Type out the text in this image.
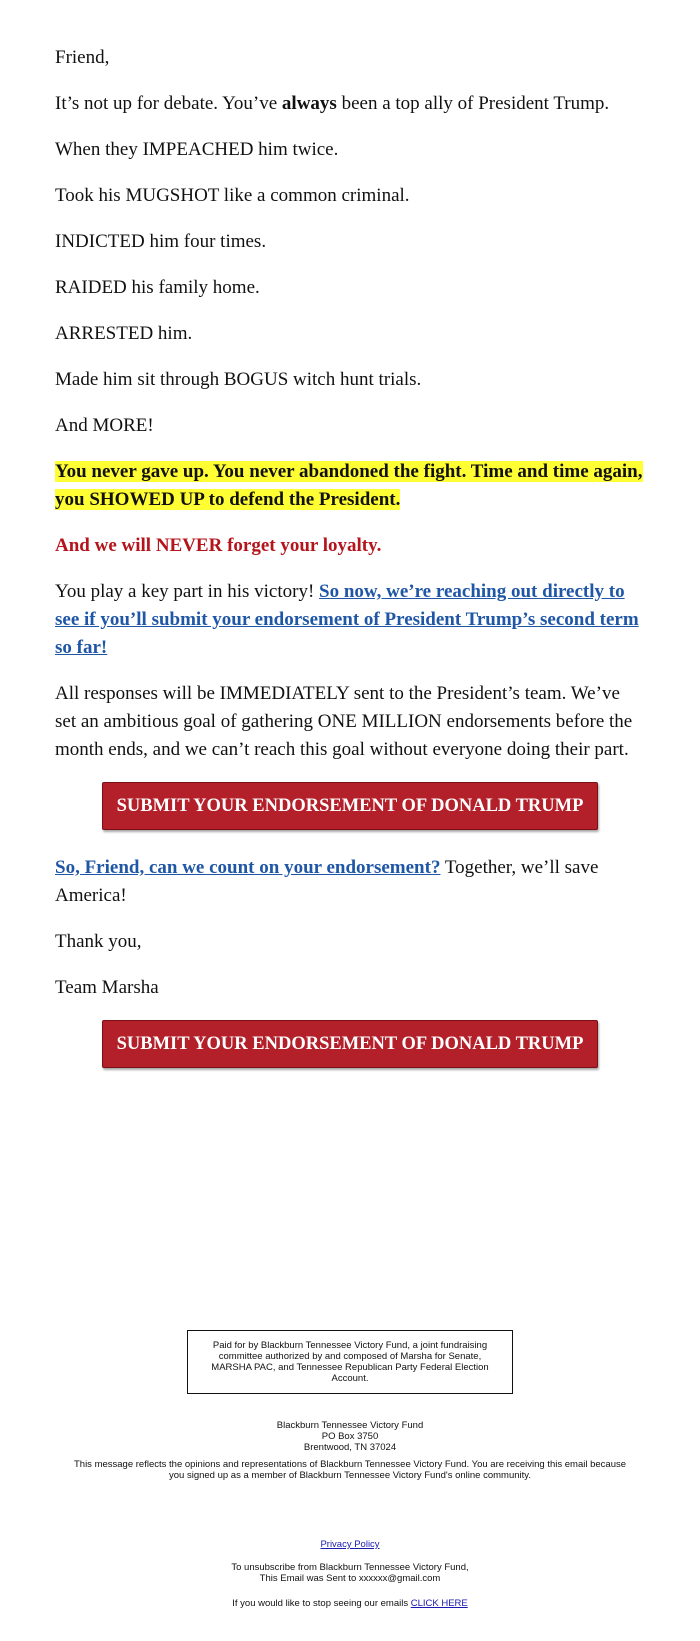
Friend,

It’s not up for debate. You’ve always been a top ally of President Trump.

When they IMPEACHED him twice.

Took his MUGSHOT like a common criminal.

INDICTED him four times.

RAIDED his family home.

ARRESTED him.

Made him sit through BOGUS witch hunt trials.

And MORE!

You never gave up. You never abandoned the fight. Time and time again, you SHOWED UP to defend the President.

And we will NEVER forget your loyalty.

You play a key part in his victory! So now, we’re reaching out directly to see if you’ll submit your endorsement of President Trump’s second term so far!

All responses will be IMMEDIATELY sent to the President’s team. We’ve set an ambitious goal of gathering ONE MILLION endorsements before the month ends, and we can’t reach this goal without everyone doing their part.

SUBMIT YOUR ENDORSEMENT OF DONALD TRUMP

So, Friend, can we count on your endorsement? Together, we’ll save America!

Thank you,

Team Marsha

SUBMIT YOUR ENDORSEMENT OF DONALD TRUMP
Paid for by Blackburn Tennessee Victory Fund, a joint fundraising committee authorized by and composed of Marsha for Senate, MARSHA PAC, and Tennessee Republican Party Federal Election Account.
Blackburn Tennessee Victory Fund
PO Box 3750
Brentwood, TN 37024
This message reflects the opinions and representations of Blackburn Tennessee Victory Fund. You are receiving this email because you signed up as a member of Blackburn Tennessee Victory Fund's online community.
Privacy Policy
To unsubscribe from Blackburn Tennessee Victory Fund,
This Email was Sent to xxxxxx@gmail.com
If you would like to stop seeing our emails CLICK HERE
